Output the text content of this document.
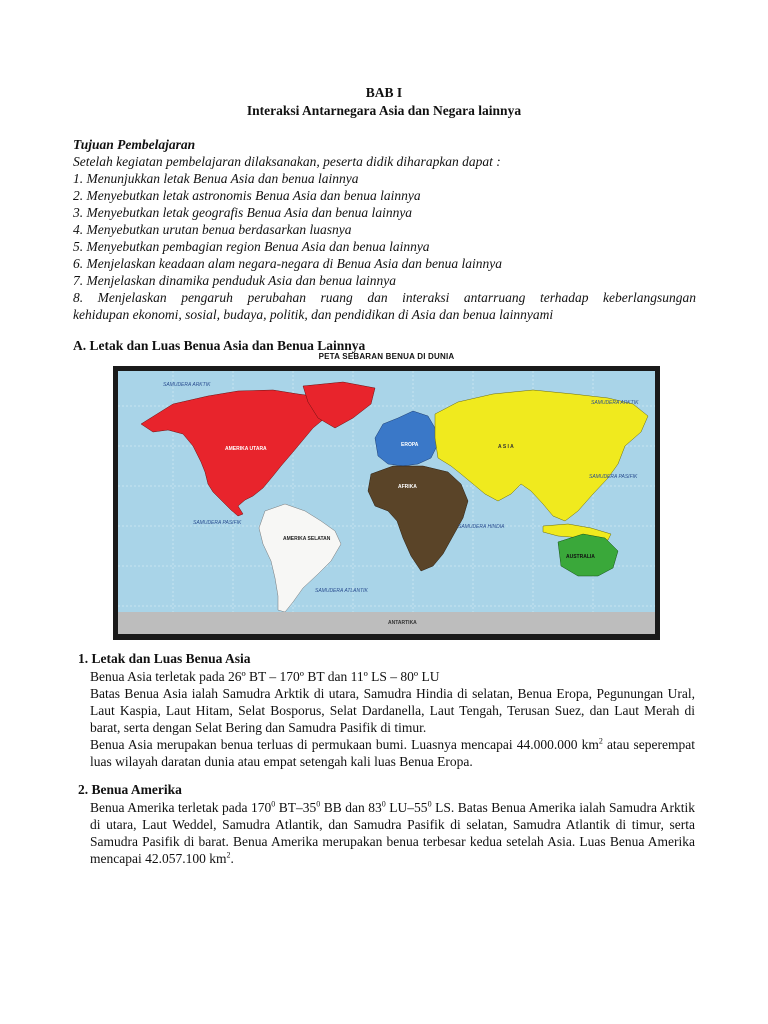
BAB I
Interaksi Antarnegara Asia dan Negara lainnya
Tujuan Pembelajaran
Setelah kegiatan pembelajaran dilaksanakan, peserta didik diharapkan dapat :
1. Menunjukkan letak Benua Asia dan benua lainnya
2. Menyebutkan letak astronomis Benua Asia dan benua lainnya
3. Menyebutkan letak geografis Benua Asia dan benua lainnya
4. Menyebutkan urutan benua berdasarkan luasnya
5. Menyebutkan pembagian region Benua Asia dan benua lainnya
6. Menjelaskan keadaan alam negara-negara di Benua Asia dan benua lainnya
7. Menjelaskan dinamika penduduk Asia dan benua lainnya
8. Menjelaskan pengaruh perubahan ruang dan interaksi antarruang terhadap keberlangsungan
kehidupan ekonomi, sosial, budaya, politik, dan pendidikan di Asia dan benua lainnyami
A. Letak dan Luas Benua Asia dan Benua Lainnya
PETA SEBARAN BENUA DI DUNIA
SAMUDERA ARKTIK
SAMUDERA ARKTIK
SAMUDERA PASIFIK
SAMUDERA PASIFIK
SAMUDERA HINDIA
SAMUDERA ATLANTIK
AMERIKA UTARA
AMERIKA SELATAN
EROPA	A S I A
AFRIKA
AUSTRALIA
ANTARTIKA
1. Letak dan Luas Benua Asia

Benua Asia terletak pada 26º BT – 170º BT dan 11º LS – 80º LU

Batas Benua Asia ialah Samudra Arktik di utara, Samudra Hindia di selatan, Benua Eropa, Pegunungan Ural, Laut Kaspia, Laut Hitam, Selat Bosporus, Selat Dardanella, Laut Tengah, Terusan Suez, dan Laut Merah di barat, serta dengan Selat Bering dan Samudra Pasifik di timur.

Benua Asia merupakan benua terluas di permukaan bumi. Luasnya mencapai 44.000.000 $km^2$ atau seperempat luas wilayah daratan dunia atau empat setengah kali luas Benua Eropa.

2. Benua Amerika

Benua Amerika terletak pada $170^0$ $BT-35^0$ BB dan $83^0$ $LU-55^0$ LS. Batas Benua Amerika ialah Samudra Arktik di utara, Laut Weddel, Samudra Atlantik, dan Samudra Pasifik di selatan, Samudra Atlantik di timur, serta Samudra Pasifik di barat. Benua Amerika merupakan benua terbesar kedua setelah Asia. Luas Benua Amerika mencapai 42.057.100 $km^2$.
